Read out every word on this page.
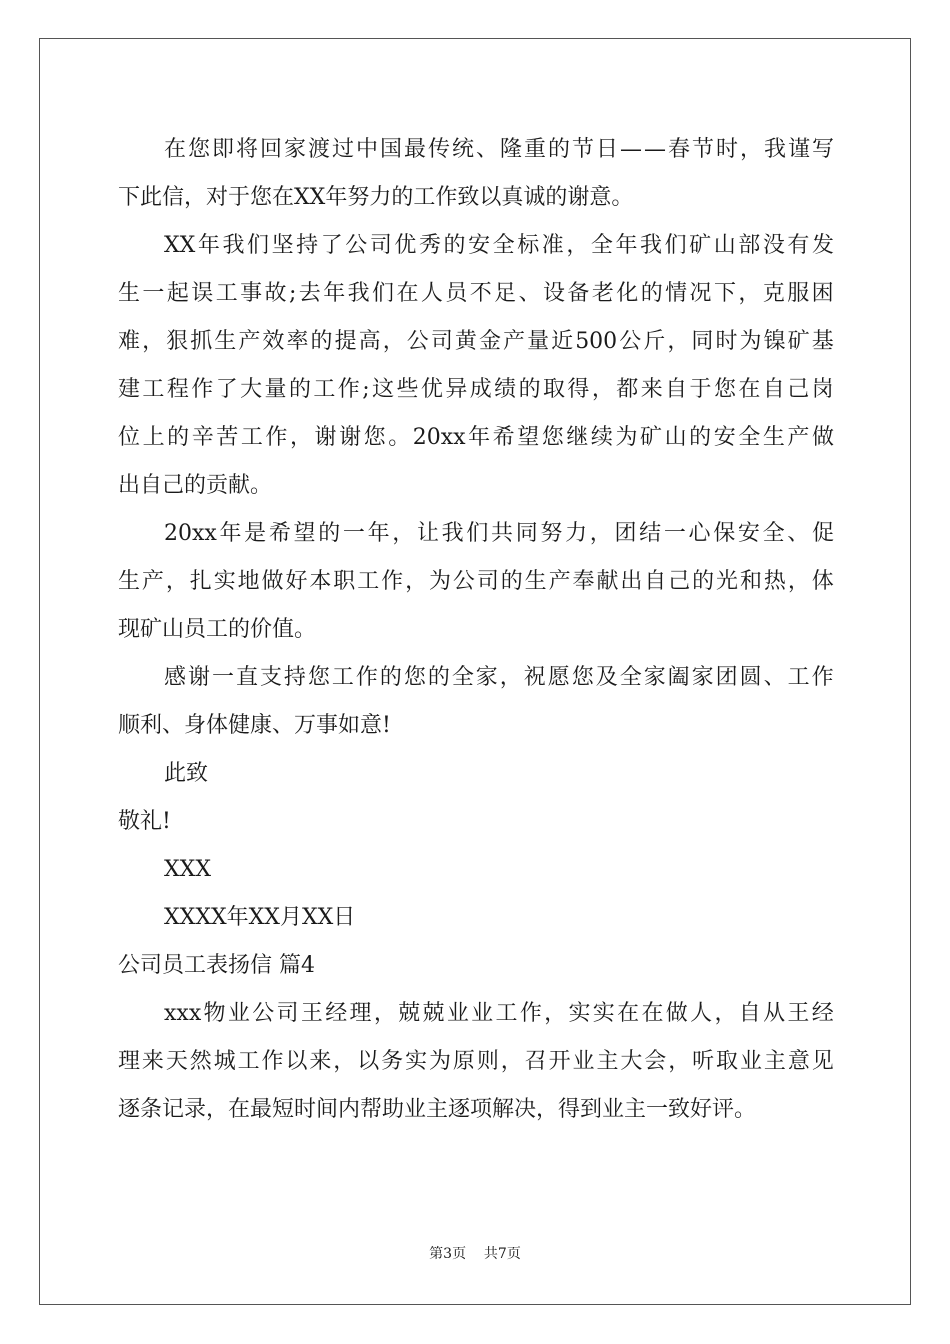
在 您 即 将 回 家 渡 过 中 国 最 传 统 、 隆 重 的 节 日 — — 春 节 时 ， 我 谨 写
下此信，对于您在XX年努力的工作致以真诚的谢意。
XX 年 我 们 坚 持 了 公 司 优 秀 的 安 全 标 准 ， 全 年 我 们 矿 山 部 没 有 发
生 一 起 误 工 事 故 ; 去 年 我 们 在 人 员 不 足 、 设 备 老 化 的 情 况 下 ， 克 服 困
难 ， 狠 抓 生 产 效 率 的 提 高 ， 公 司 黄 金 产 量 近 500 公 斤 ， 同 时 为 镍 矿 基
建 工 程 作 了 大 量 的 工 作 ; 这 些 优 异 成 绩 的 取 得 ， 都 来 自 于 您 在 自 己 岗
位 上 的 辛 苦 工 作 ， 谢 谢 您 。 20xx 年 希 望 您 继 续 为 矿 山 的 安 全 生 产 做
出自己的贡献。
20xx 年 是 希 望 的 一 年 ， 让 我 们 共 同 努 力 ， 团 结 一 心 保 安 全 、 促
生 产 ， 扎 实 地 做 好 本 职 工 作 ， 为 公 司 的 生 产 奉 献 出 自 己 的 光 和 热 ， 体
现矿山员工的价值。
感 谢 一 直 支 持 您 工 作 的 您 的 全 家 ， 祝 愿 您 及 全 家 阖 家 团 圆 、 工 作
顺利、身体健康、万事如意!
此致
敬礼!
XXX
XXXX年XX月XX日
公司员工表扬信 篇4
xxx 物 业 公 司 王 经 理 ， 兢 兢 业 业 工 作 ， 实 实 在 在 做 人 ， 自 从 王 经
理 来 天 然 城 工 作 以 来 ， 以 务 实 为 原 则 ， 召 开 业 主 大 会 ， 听 取 业 主 意 见
逐条记录，在最短时间内帮助业主逐项解决，得到业主一致好评。
第3页 共7页
